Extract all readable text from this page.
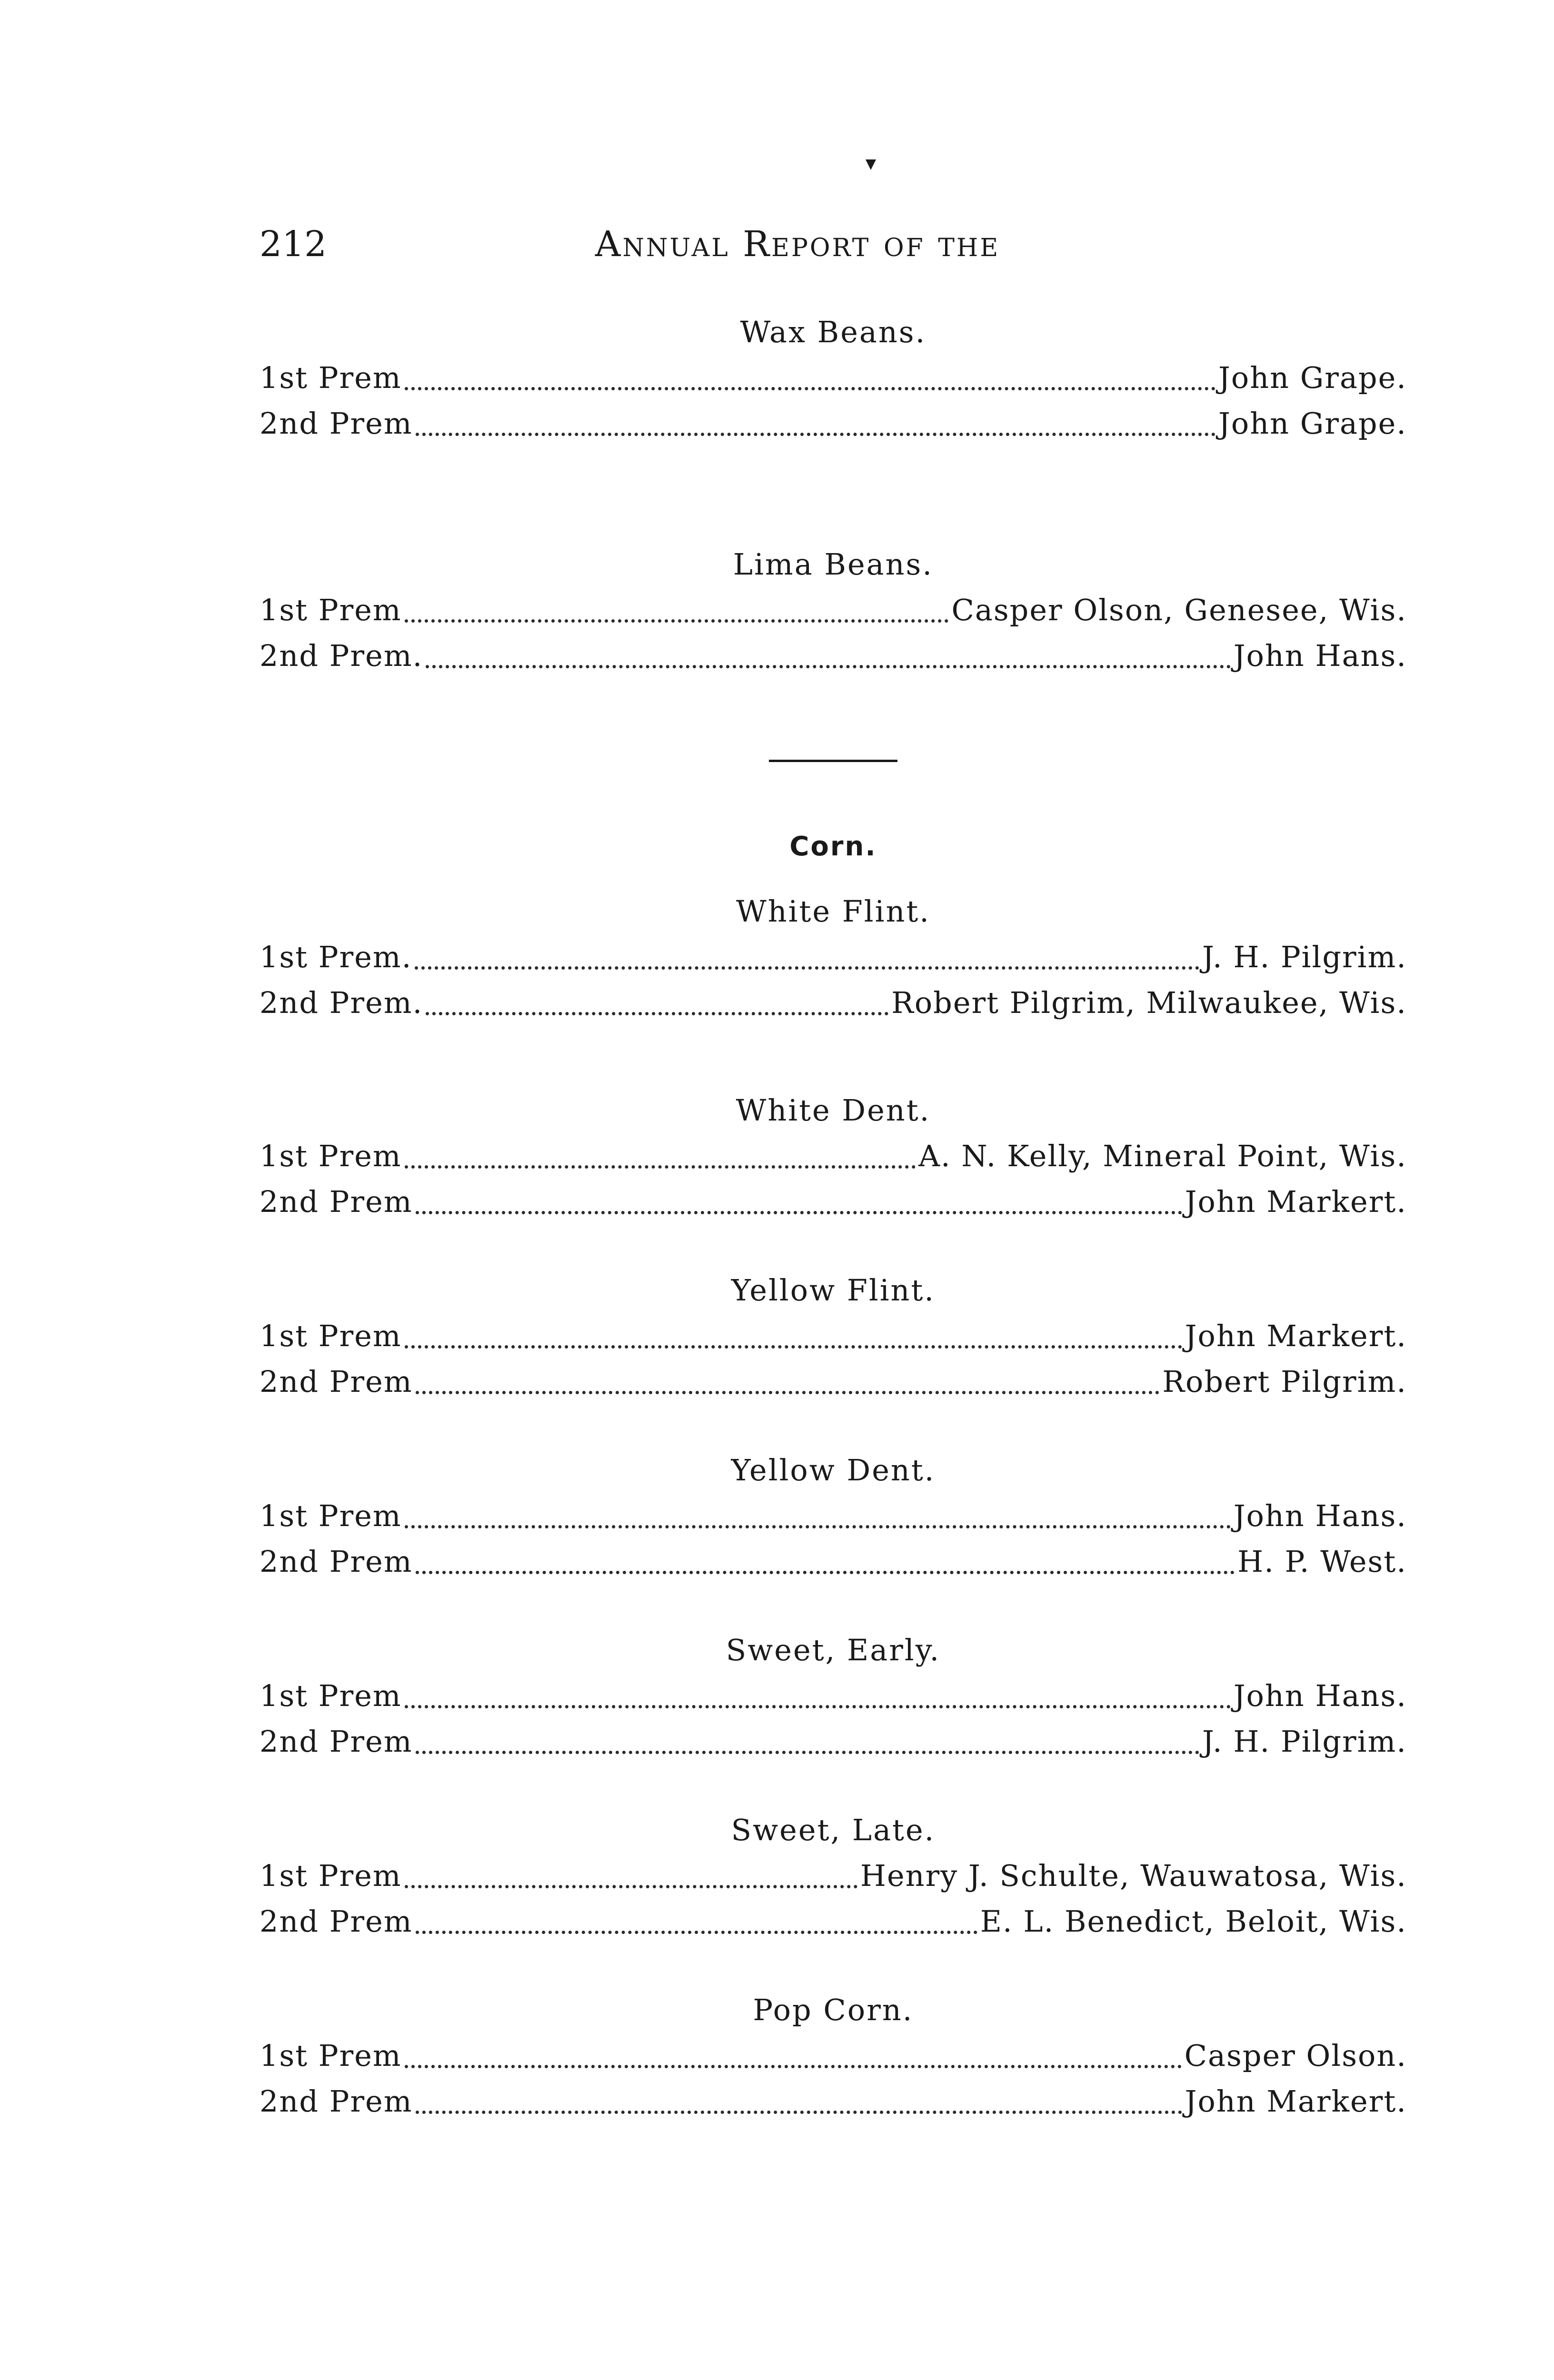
212	Annual Report of the
Wax Beans.
1st Prem	John Grape.
2nd Prem	John Grape.
Lima Beans.
1st Prem	Casper Olson, Genesee, Wis.
2nd Prem.	John Hans.
Corn.
White Flint.
1st Prem.	J. H. Pilgrim.
2nd Prem.	Robert Pilgrim, Milwaukee, Wis.
White Dent.
1st Prem	A. N. Kelly, Mineral Point, Wis.
2nd Prem	John Markert.
Yellow Flint.
1st Prem	John Markert.
2nd Prem	Robert Pilgrim.
Yellow Dent.
1st Prem	John Hans.
2nd Prem	H. P. West.
Sweet, Early.
1st Prem	John Hans.
2nd Prem	J. H. Pilgrim.
Sweet, Late.
1st Prem	Henry J. Schulte, Wauwatosa, Wis.
2nd Prem	E. L. Benedict, Beloit, Wis.
Pop Corn.
1st Prem	Casper Olson.
2nd Prem	John Markert.
